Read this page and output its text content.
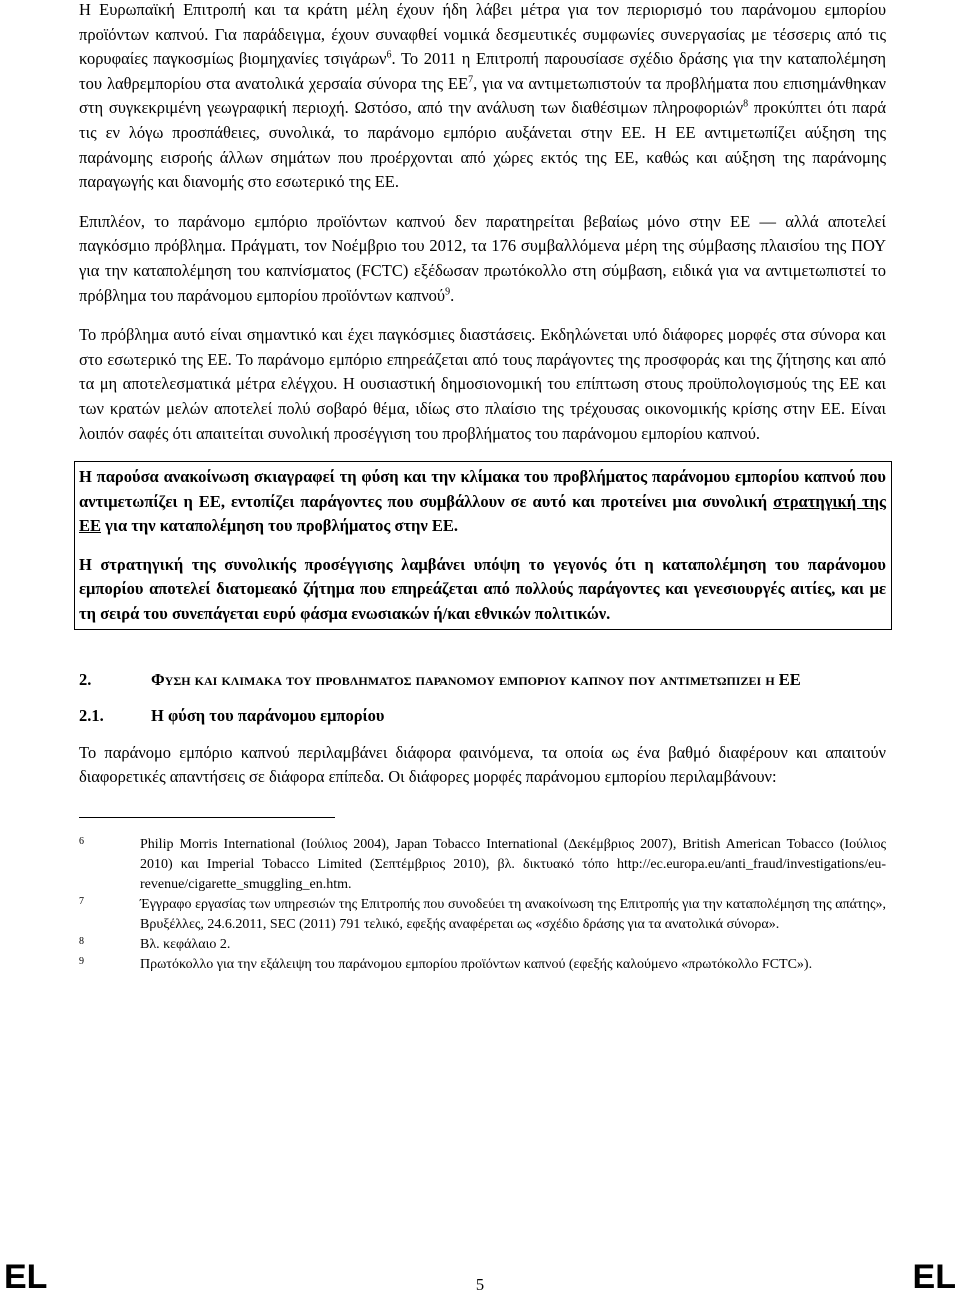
Η Ευρωπαϊκή Επιτροπή και τα κράτη μέλη έχουν ήδη λάβει μέτρα για τον περιορισμό του παράνομου εμπορίου προϊόντων καπνού. Για παράδειγμα, έχουν συναφθεί νομικά δεσμευτικές συμφωνίες συνεργασίας με τέσσερις από τις κορυφαίες παγκοσμίως βιομηχανίες τσιγάρων$^6$. Το 2011 η Επιτροπή παρουσίασε σχέδιο δράσης για την καταπολέμηση του λαθρεμπορίου στα ανατολικά χερσαία σύνορα της $EE^7$, για να αντιμετωπιστούν τα προβλήματα που επισημάνθηκαν στη συγκεκριμένη γεωγραφική περιοχή. Ωστόσο, από την ανάλυση των διαθέσιμων πληροφοριών$^8$ προκύπτει ότι παρά τις εν λόγω προσπάθειες, συνολικά, το παράνομο εμπόριο αυξάνεται στην ΕΕ. Η ΕΕ αντιμετωπίζει αύξηση της παράνομης εισροής άλλων σημάτων που προέρχονται από χώρες εκτός της ΕΕ, καθώς και αύξηση της παράνομης παραγωγής και διανομής στο εσωτερικό της ΕΕ.

Επιπλέον, το παράνομο εμπόριο προϊόντων καπνού δεν παρατηρείται βεβαίως μόνο στην ΕΕ — αλλά αποτελεί παγκόσμιο πρόβλημα. Πράγματι, τον Νοέμβριο του 2012, τα 176 συμβαλλόμενα μέρη της σύμβασης πλαισίου της ΠΟΥ για την καταπολέμηση του καπνίσματος (FCTC) εξέδωσαν πρωτόκολλο στη σύμβαση, ειδικά για να αντιμετωπιστεί το πρόβλημα του παράνομου εμπορίου προϊόντων καπνού$^9$.

Το πρόβλημα αυτό είναι σημαντικό και έχει παγκόσμιες διαστάσεις. Εκδηλώνεται υπό διάφορες μορφές στα σύνορα και στο εσωτερικό της ΕΕ. Το παράνομο εμπόριο επηρεάζεται από τους παράγοντες της προσφοράς και της ζήτησης και από τα μη αποτελεσματικά μέτρα ελέγχου. Η ουσιαστική δημοσιονομική του επίπτωση στους προϋπολογισμούς της ΕΕ και των κρατών μελών αποτελεί πολύ σοβαρό θέμα, ιδίως στο πλαίσιο της τρέχουσας οικονομικής κρίσης στην ΕΕ. Είναι λοιπόν σαφές ότι απαιτείται συνολική προσέγγιση του προβλήματος του παράνομου εμπορίου καπνού.

Η παρούσα ανακοίνωση σκιαγραφεί τη φύση και την κλίμακα του προβλήματος παράνομου εμπορίου καπνού που αντιμετωπίζει η ΕΕ, εντοπίζει παράγοντες που συμβάλλουν σε αυτό και προτείνει μια συνολική στρατηγική της ΕΕ για την καταπολέμηση του προβλήματος στην ΕΕ.

Η στρατηγική της συνολικής προσέγγισης λαμβάνει υπόψη το γεγονός ότι η καταπολέμηση του παράνομου εμπορίου αποτελεί διατομεακό ζήτημα που επηρεάζεται από πολλούς παράγοντες και γενεσιουργές αιτίες, και με τη σειρά του συνεπάγεται ευρύ φάσμα ενωσιακών ή/και εθνικών πολιτικών.

2.	Φυση και κλιμακα του προβληματος παρανομου εμποριου καπνου που αντιμετωπιζει η ΕΕ
2.1.	Η φύση του παράνομου εμπορίου

Το παράνομο εμπόριο καπνού περιλαμβάνει διάφορα φαινόμενα, τα οποία ως ένα βαθμό διαφέρουν και απαιτούν διαφορετικές απαντήσεις σε διάφορα επίπεδα. Οι διάφορες μορφές παράνομου εμπορίου περιλαμβάνουν:

6	Philip Morris International (Ιούλιος 2004), Japan Tobacco International (Δεκέμβριος 2007), British American Tobacco (Ιούλιος 2010) και Imperial Tobacco Limited (Σεπτέμβριος 2010), βλ. δικτυακό τόπο http://ec.europa.eu/anti_fraud/investigations/eu-revenue/cigarette_smuggling_en.htm.
7	Έγγραφο εργασίας των υπηρεσιών της Επιτροπής που συνοδεύει τη ανακοίνωση της Επιτροπής για την καταπολέμηση της απάτης», Βρυξέλλες, 24.6.2011, SEC (2011) 791 τελικό, εφεξής αναφέρεται ως «σχέδιο δράσης για τα ανατολικά σύνορα».
8	Βλ. κεφάλαιο 2.
9	Πρωτόκολλο για την εξάλειψη του παράνομου εμπορίου προϊόντων καπνού (εφεξής καλούμενο «πρωτόκολλο FCTC»).
EL	5	EL
